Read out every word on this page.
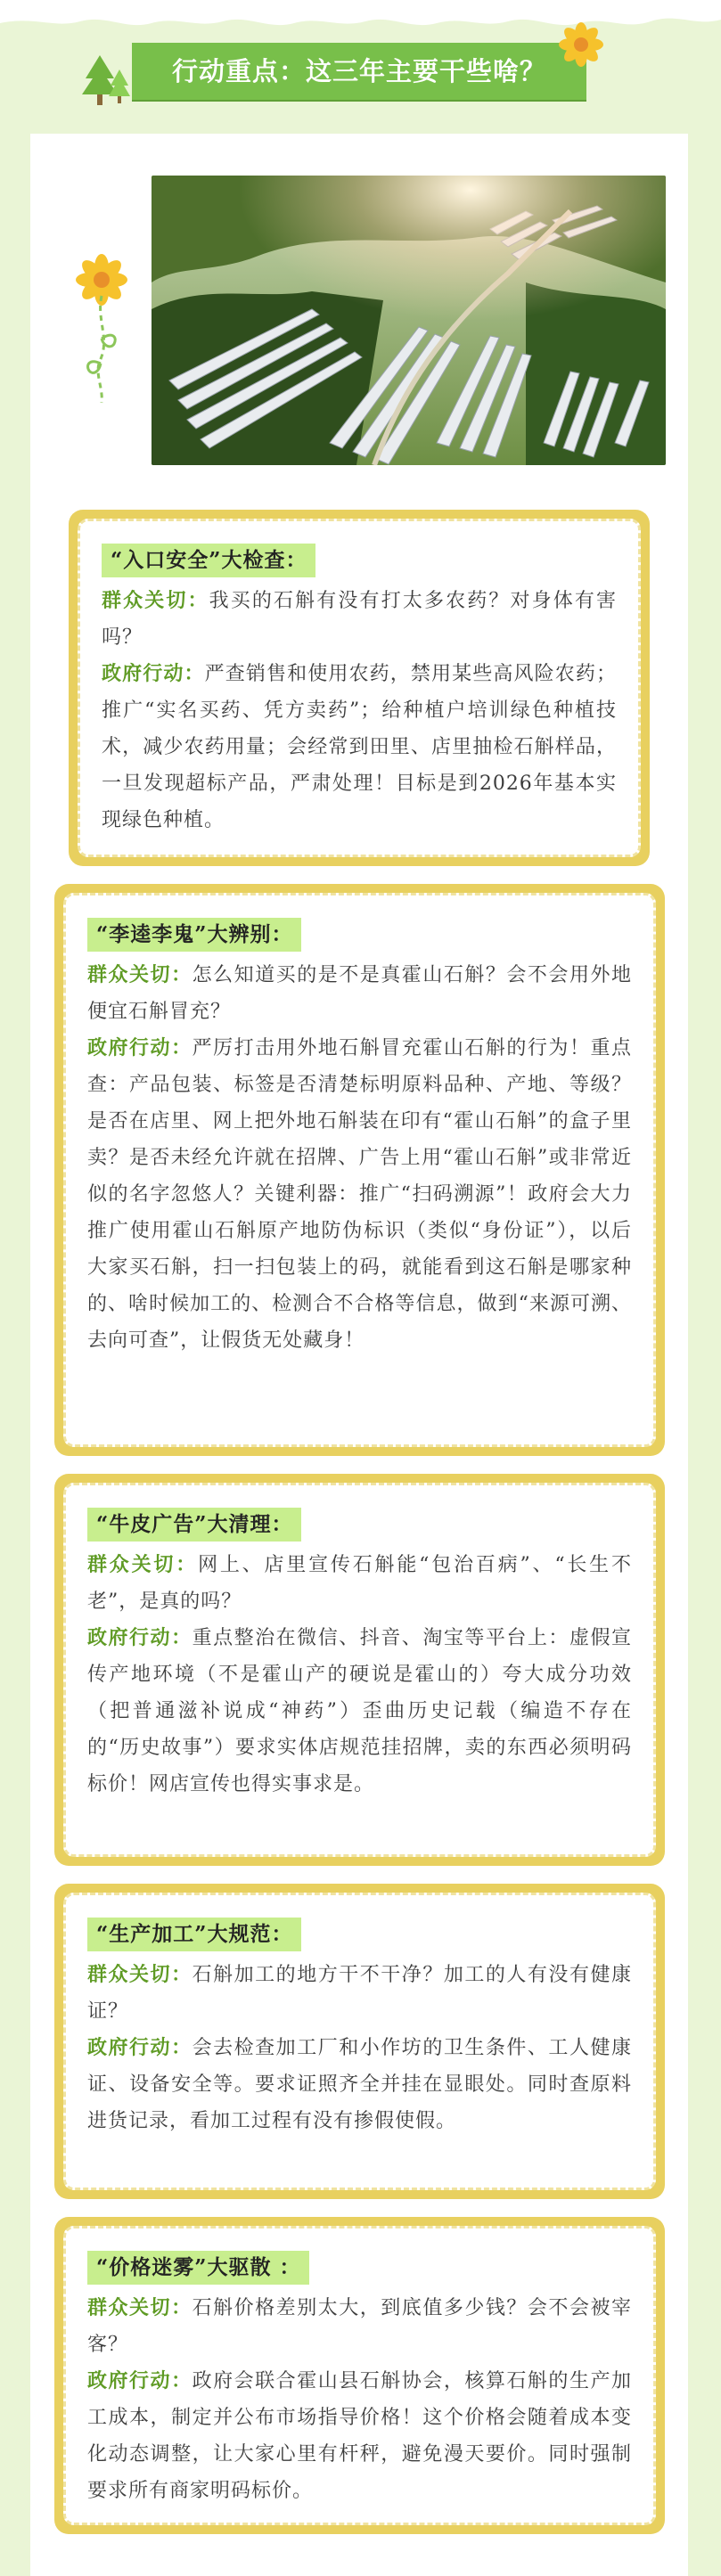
行动重点：这三年主要干些啥？
“入口安全”大检查：

群众关切：我买的石斛有没有打太多农药？对身体有害吗？

政府行动：严查销售和使用农药，禁用某些高风险农药；推广“实名买药、凭方卖药”；给种植户培训绿色种植技术，减少农药用量；会经常到田里、店里抽检石斛样品，一旦发现超标产品，严肃处理！目标是到2026年基本实现绿色种植。

“李逵李鬼”大辨别：

群众关切：怎么知道买的是不是真霍山石斛？会不会用外地便宜石斛冒充？

政府行动：严厉打击用外地石斛冒充霍山石斛的行为！重点查：产品包装、标签是否清楚标明原料品种、产地、等级？是否在店里、网上把外地石斛装在印有“霍山石斛”的盒子里卖？是否未经允许就在招牌、广告上用“霍山石斛”或非常近似的名字忽悠人？关键利器：推广“扫码溯源”！政府会大力推广使用霍山石斛原产地防伪标识（类似“身份证”），以后大家买石斛，扫一扫包装上的码，就能看到这石斛是哪家种的、啥时候加工的、检测合不合格等信息，做到“来源可溯、去向可查”，让假货无处藏身！

“牛皮广告”大清理：

群众关切：网上、店里宣传石斛能“包治百病”、“长生不老”，是真的吗？

政府行动：重点整治在微信、抖音、淘宝等平台上：虚假宣传产地环境（不是霍山产的硬说是霍山的）夸大成分功效（把普通滋补说成“神药”）歪曲历史记载（编造不存在的“历史故事”）要求实体店规范挂招牌，卖的东西必须明码标价！网店宣传也得实事求是。

“生产加工”大规范：

群众关切：石斛加工的地方干不干净？加工的人有没有健康证？

政府行动：会去检查加工厂和小作坊的卫生条件、工人健康证、设备安全等。要求证照齐全并挂在显眼处。同时查原料进货记录，看加工过程有没有掺假使假。

“价格迷雾”大驱散 ：

群众关切：石斛价格差别太大，到底值多少钱？会不会被宰客？

政府行动：政府会联合霍山县石斛协会，核算石斛的生产加工成本，制定并公布市场指导价格！这个价格会随着成本变化动态调整，让大家心里有杆秤，避免漫天要价。同时强制要求所有商家明码标价。
